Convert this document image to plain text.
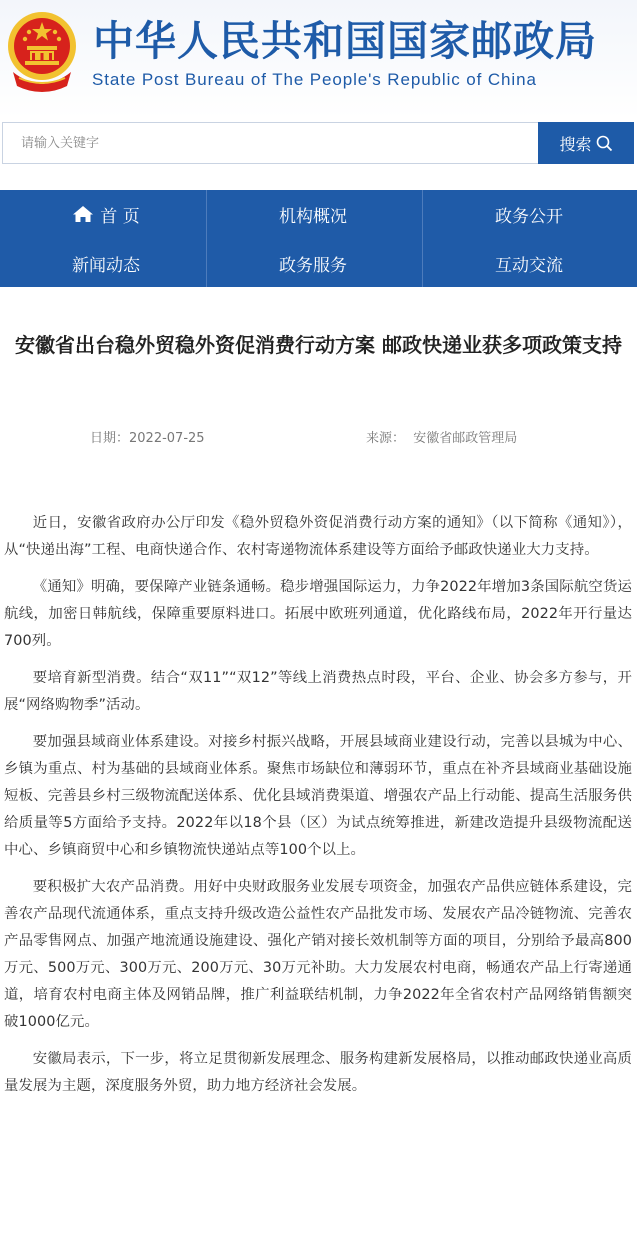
中华人民共和国国家邮政局
State Post Bureau of The People's Republic of China
请输入关键字
搜索
首 页	机构概况	政务公开
新闻动态	政务服务	互动交流
安徽省出台稳外贸稳外资促消费行动方案 邮政快递业获多项政策支持
日期：2022-07-25	来源： 安徽省邮政管理局

近日，安徽省政府办公厅印发《稳外贸稳外资促消费行动方案的通知》（以下简称《通知》），从“快递出海”工程、电商快递合作、农村寄递物流体系建设等方面给予邮政快递业大力支持。

《通知》明确，要保障产业链条通畅。稳步增强国际运力，力争2022年增加3条国际航空货运航线，加密日韩航线，保障重要原料进口。拓展中欧班列通道，优化路线布局，2022年开行量达700列。

要培育新型消费。结合“双11”“双12”等线上消费热点时段，平台、企业、协会多方参与，开展“网络购物季”活动。

要加强县域商业体系建设。对接乡村振兴战略，开展县域商业建设行动，完善以县城为中心、乡镇为重点、村为基础的县域商业体系。聚焦市场缺位和薄弱环节，重点在补齐县域商业基础设施短板、完善县乡村三级物流配送体系、优化县域消费渠道、增强农产品上行动能、提高生活服务供给质量等5方面给予支持。2022年以18个县（区）为试点统筹推进，新建改造提升县级物流配送中心、乡镇商贸中心和乡镇物流快递站点等100个以上。

要积极扩大农产品消费。用好中央财政服务业发展专项资金，加强农产品供应链体系建设，完善农产品现代流通体系，重点支持升级改造公益性农产品批发市场、发展农产品冷链物流、完善农产品零售网点、加强产地流通设施建设、强化产销对接长效机制等方面的项目，分别给予最高800万元、500万元、300万元、200万元、30万元补助。大力发展农村电商，畅通农产品上行寄递通道，培育农村电商主体及网销品牌，推广利益联结机制，力争2022年全省农村产品网络销售额突破1000亿元。

安徽局表示，下一步，将立足贯彻新发展理念、服务构建新发展格局，以推动邮政快递业高质量发展为主题，深度服务外贸，助力地方经济社会发展。
